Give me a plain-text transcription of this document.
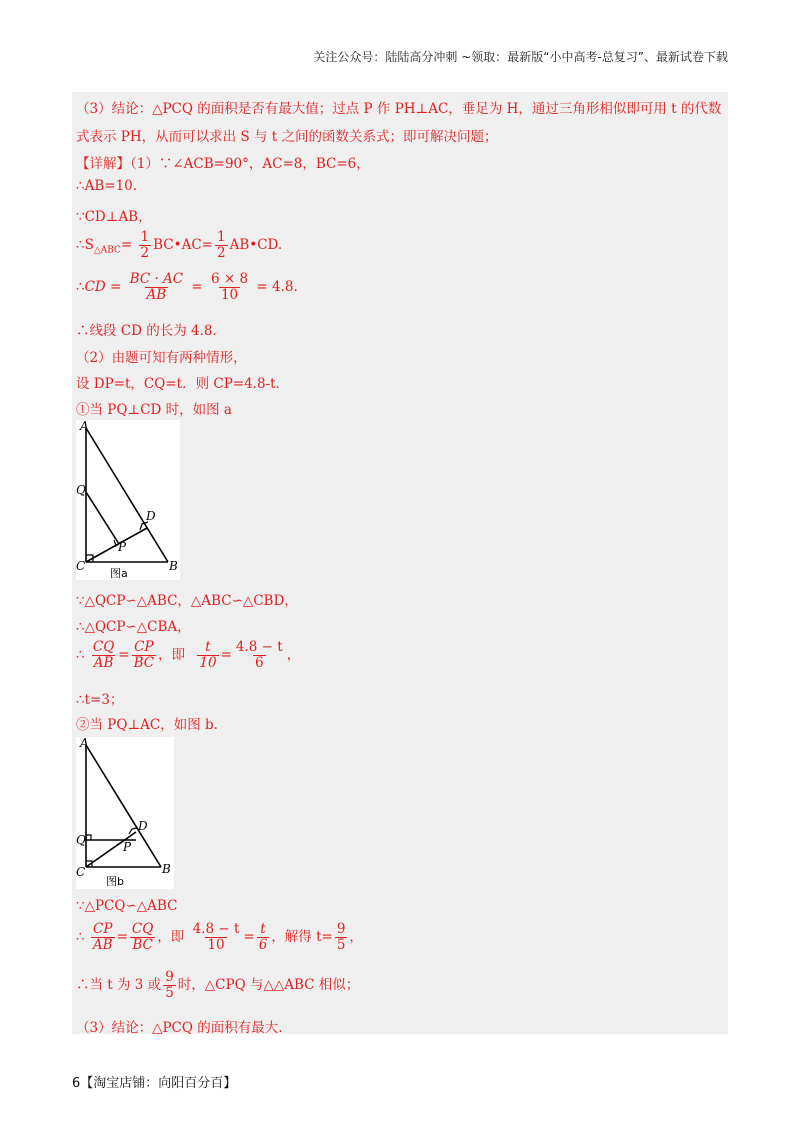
关注公众号：陆陆高分冲刺 ~领取：最新版“小中高考-总复习”、最新试卷下载
（3）结论：△PCQ 的面积是否有最大值；过点 P 作 PH⊥AC，垂足为 H，通过三角形相似即可用 t 的代数
式表示 PH，从而可以求出 S 与 t 之间的函数关系式；即可解决问题；
【详解】（1）∵∠ACB=90°，AC=8，BC=6，
∴AB=10.
∵CD⊥AB，
$\therefore S_{\triangle ABC}= \frac{1}{2}$ BC•AC= $\frac{1}{2}$ AB•CD.
∴CD = $\frac{BC \cdot AC}{AB} = \frac{6 \times 8}{10} = 4.8$.
∴线段 CD 的长为 4.8.
（2）由题可知有两种情形，
设 DP=t，CQ=t．则 CP=4.8-t.
①当 PQ⊥CD 时，如图 a
A
Q
D
P
C	B
图a
∵△QCP∽△ABC，△ABC∽△CBD，
∴△QCP∽△CBA，
∴ $\frac{CQ}{AB} = \frac{CP}{BC}$ ，即 $\frac{t}{10} = \frac{4.8 - t}{6}$ ，
∴t=3；
②当 PQ⊥AC，如图 b.
A
Q
D
P
C	B
图b
∵△PCQ∽△ABC
∴ $\frac{CP}{AB} = \frac{CQ}{BC}$ ，即 $\frac{4.8 - t}{10} = \frac{t}{6}$ ，解得 $t= \frac{9}{5}$ ，
∴当 t 为 3 或 $\frac{9}{5}$ 时，△CPQ 与△△ABC 相似；
（3）结论：△PCQ 的面积有最大.
6【淘宝店铺：向阳百分百】
